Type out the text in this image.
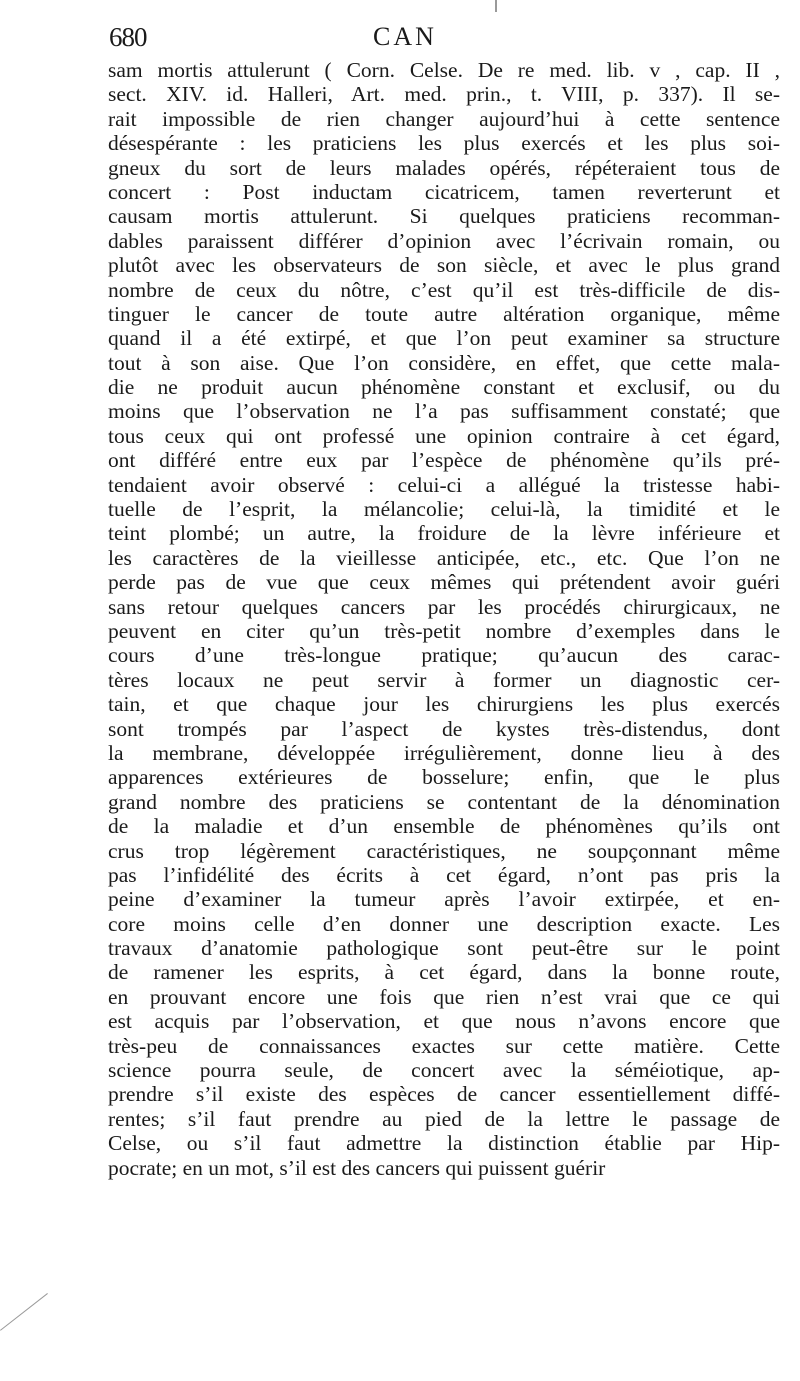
680	CAN
sam mortis attulerunt ( Corn. Celse. De re med. lib. v , cap. II ,
sect. XIV. id. Halleri, Art. med. prin., t. VIII, p. 337). Il se-
rait impossible de rien changer aujourd’hui à cette sentence
désespérante : les praticiens les plus exercés et les plus soi-
gneux du sort de leurs malades opérés, répéteraient tous de
concert : Post inductam cicatricem, tamen reverterunt et
causam mortis attulerunt. Si quelques praticiens recomman-
dables paraissent différer d’opinion avec l’écrivain romain, ou
plutôt avec les observateurs de son siècle, et avec le plus grand
nombre de ceux du nôtre, c’est qu’il est très-difficile de dis-
tinguer le cancer de toute autre altération organique, même
quand il a été extirpé, et que l’on peut examiner sa structure
tout à son aise. Que l’on considère, en effet, que cette mala-
die ne produit aucun phénomène constant et exclusif, ou du
moins que l’observation ne l’a pas suffisamment constaté; que
tous ceux qui ont professé une opinion contraire à cet égard,
ont différé entre eux par l’espèce de phénomène qu’ils pré-
tendaient avoir observé : celui-ci a allégué la tristesse habi-
tuelle de l’esprit, la mélancolie; celui-là, la timidité et le
teint plombé; un autre, la froidure de la lèvre inférieure et
les caractères de la vieillesse anticipée, etc., etc. Que l’on ne
perde pas de vue que ceux mêmes qui prétendent avoir guéri
sans retour quelques cancers par les procédés chirurgicaux, ne
peuvent en citer qu’un très-petit nombre d’exemples dans le
cours d’une très-longue pratique; qu’aucun des carac-
tères locaux ne peut servir à former un diagnostic cer-
tain, et que chaque jour les chirurgiens les plus exercés
sont trompés par l’aspect de kystes très-distendus, dont
la membrane, développée irrégulièrement, donne lieu à des
apparences extérieures de bosselure; enfin, que le plus
grand nombre des praticiens se contentant de la dénomination
de la maladie et d’un ensemble de phénomènes qu’ils ont
crus trop légèrement caractéristiques, ne soupçonnant même
pas l’infidélité des écrits à cet égard, n’ont pas pris la
peine d’examiner la tumeur après l’avoir extirpée, et en-
core moins celle d’en donner une description exacte. Les
travaux d’anatomie pathologique sont peut-être sur le point
de ramener les esprits, à cet égard, dans la bonne route,
en prouvant encore une fois que rien n’est vrai que ce qui
est acquis par l’observation, et que nous n’avons encore que
très-peu de connaissances exactes sur cette matière. Cette
science pourra seule, de concert avec la séméiotique, ap-
prendre s’il existe des espèces de cancer essentiellement diffé-
rentes; s’il faut prendre au pied de la lettre le passage de
Celse, ou s’il faut admettre la distinction établie par Hip-
pocrate; en un mot, s’il est des cancers qui puissent guérir
